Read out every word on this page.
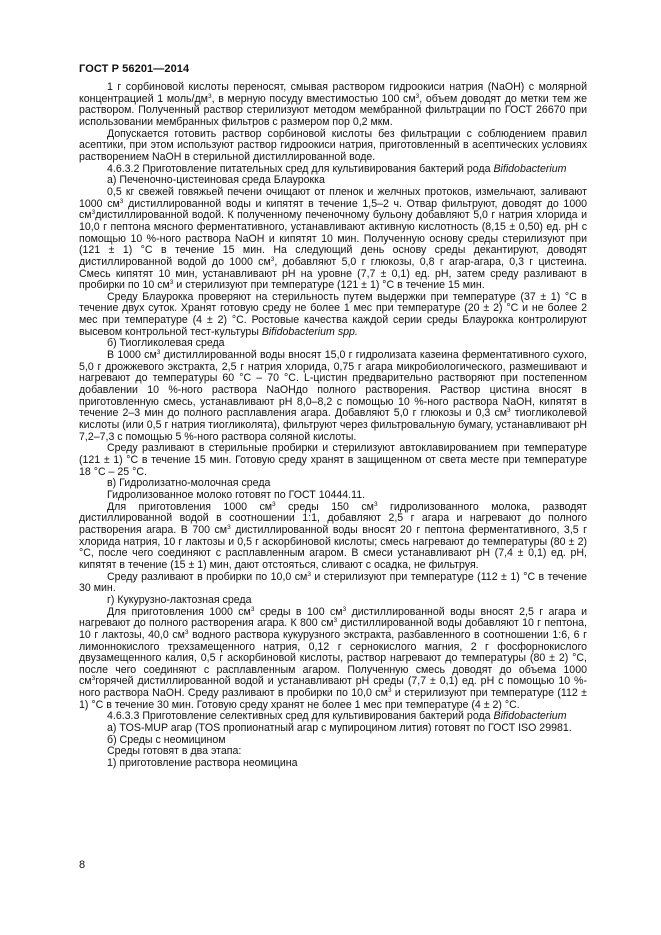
ГОСТ Р 56201—2014

1 г сорбиновой кислоты переносят, смывая раствором гидроокиси натрия (NaOH) с молярной концентрацией 1 моль/$дм^3$, в мерную посуду вместимостью 100 $см^3$, объем доводят до метки тем же раствором. Полученный раствор стерилизуют методом мембранной фильтрации по ГОСТ 26670 при использовании мембранных фильтров с размером пор 0,2 мкм.

Допускается готовить раствор сорбиновой кислоты без фильтрации с соблюдением правил асептики, при этом используют раствор гидроокиси натрия, приготовленный в асептических условиях растворением NaOH в стерильной дистиллированной воде.

4.6.3.2 Приготовление питательных сред для культивирования бактерий рода Bifidobacterium

а) Печеночно-цистеиновая среда Блаурокка

0,5 кг свежей говяжьей печени очищают от пленок и желчных протоков, измельчают, заливают 1000 $см^3$ дистиллированной воды и кипятят в течение 1,5–2 ч. Отвар фильтруют, доводят до 1000 $см^3дистиллированной$ водой. К полученному печеночному бульону добавляют 5,0 г натрия хлорида и 10,0 г пептона мясного ферментативного, устанавливают активную кислотность (8,15 ± 0,50) ед. рН с помощью 10 %-ного раствора NaOH и кипятят 10 мин. Полученную основу среды стерилизуют при (121 ± 1) °С в течение 15 мин. На следующий день основу среды декантируют, доводят дистиллированной водой до 1000 $см^3$, добавляют 5,0 г глюкозы, 0,8 г агар-агара, 0,3 г цистеина. Смесь кипятят 10 мин, устанавливают рН на уровне (7,7 ± 0,1) ед. рН, затем среду разливают в пробирки по 10 $см^3$ и стерилизуют при температуре (121 ± 1) °С в течение 15 мин.

Среду Блаурокка проверяют на стерильность путем выдержки при температуре (37 ± 1) °С в течение двух суток. Хранят готовую среду не более 1 мес при температуре (20 ± 2) °С и не более 2 мес при температуре (4 ± 2) °С. Ростовые качества каждой серии среды Блаурокка контролируют высевом контрольной тест-культуры Bifidobacterium spp.

б) Тиогликолевая среда

В 1000 $см^3$ дистиллированной воды вносят 15,0 г гидролизата казеина ферментативного сухого, 5,0 г дрожжевого экстракта, 2,5 г натрия хлорида, 0,75 г агара микробиологического, размешивают и нагревают до температуры 60 °С – 70 °С. L-цистин предварительно растворяют при постепенном добавлении 10 %-ного раствора NaOHдо полного растворения. Раствор цистина вносят в приготовленную смесь, устанавливают рН 8,0–8,2 с помощью 10 %-ного раствора NaOH, кипятят в течение 2–3 мин до полного расплавления агара. Добавляют 5,0 г глюкозы и 0,3 $см^3$ тиогликолевой кислоты (или 0,5 г натрия тиогликолята), фильтруют через фильтровальную бумагу, устанавливают рН 7,2–7,3 с помощью 5 %-ного раствора соляной кислоты.

Среду разливают в стерильные пробирки и стерилизуют автоклавированием при температуре (121 ± 1) °С в течение 15 мин. Готовую среду хранят в защищенном от света месте при температуре 18 °С – 25 °С.

в) Гидролизатно-молочная среда

Гидролизованное молоко готовят по ГОСТ 10444.11.

Для приготовления 1000 $см^3$ среды 150 $см^3$ гидролизованного молока, разводят дистиллированной водой в соотношении 1:1, добавляют 2,5 г агара и нагревают до полного растворения агара. В 700 $см^3$ дистиллированной воды вносят 20 г пептона ферментативного, 3,5 г хлорида натрия, 10 г лактозы и 0,5 г аскорбиновой кислоты; смесь нагревают до температуры (80 ± 2) °С, после чего соединяют с расплавленным агаром. В смеси устанавливают рН (7,4 ± 0,1) ед. рН, кипятят в течение (15 ± 1) мин, дают отстояться, сливают с осадка, не фильтруя.

Среду разливают в пробирки по 10,0 $см^3$ и стерилизуют при температуре (112 ± 1) °С в течение 30 мин.

г) Кукурузно-лактозная среда

Для приготовления 1000 $см^3$ среды в 100 $см^3$ дистиллированной воды вносят 2,5 г агара и нагревают до полного растворения агара. К 800 $см^3$ дистиллированной воды добавляют 10 г пептона, 10 г лактозы, 40,0 $см^3$ водного раствора кукурузного экстракта, разбавленного в соотношении 1:6, 6 г лимоннокислого трехзамещенного натрия, 0,12 г сернокислого магния, 2 г фосфорнокислого двузамещенного калия, 0,5 г аскорбиновой кислоты, раствор нагревают до температуры (80 ± 2) °С, после чего соединяют с расплавленным агаром. Полученную смесь доводят до объема 1000 $см^3горячей$ дистиллированной водой и устанавливают рН среды (7,7 ± 0,1) ед. рН с помощью 10 %-ного раствора NaOH. Среду разливают в пробирки по 10,0 $см^3$ и стерилизуют при температуре (112 ± 1) °С в течение 30 мин. Готовую среду хранят не более 1 мес при температуре (4 ± 2) °С.

4.6.3.3 Приготовление селективных сред для культивирования бактерий рода Bifidobacterium

а) TOS-MUP агар (TOS пропионатный агар с мупироцином лития) готовят по ГОСТ ISO 29981.

б) Среды с неомицином

Среды готовят в два этапа:

1) приготовление раствора неомицина

8
